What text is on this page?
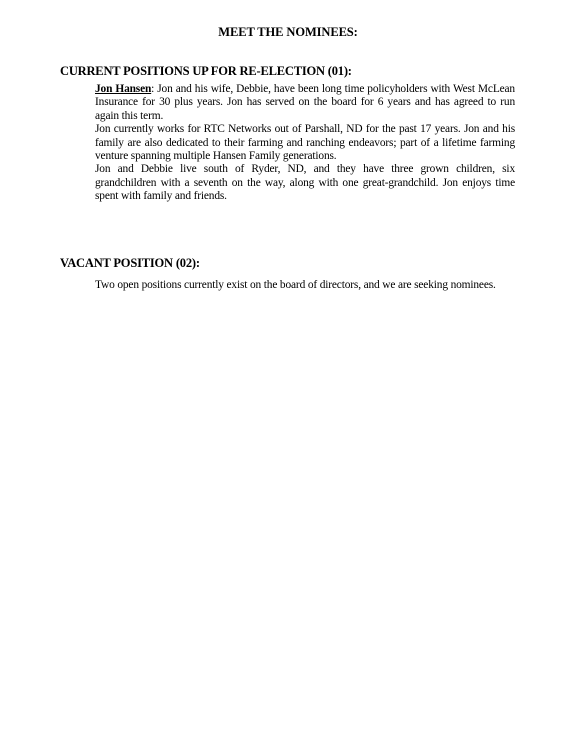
MEET THE NOMINEES:
CURRENT POSITIONS UP FOR RE-ELECTION (01):

Jon Hansen: Jon and his wife, Debbie, have been long time policyholders with West McLean Insurance for 30 plus years. Jon has served on the board for 6 years and has agreed to run again this term.

Jon currently works for RTC Networks out of Parshall, ND for the past 17 years. Jon and his family are also dedicated to their farming and ranching endeavors; part of a lifetime farming venture spanning multiple Hansen Family generations.

Jon and Debbie live south of Ryder, ND, and they have three grown children, six grandchildren with a seventh on the way, along with one great-grandchild. Jon enjoys time spent with family and friends.

VACANT POSITION (02):
Two open positions currently exist on the board of directors, and we are seeking nominees.
